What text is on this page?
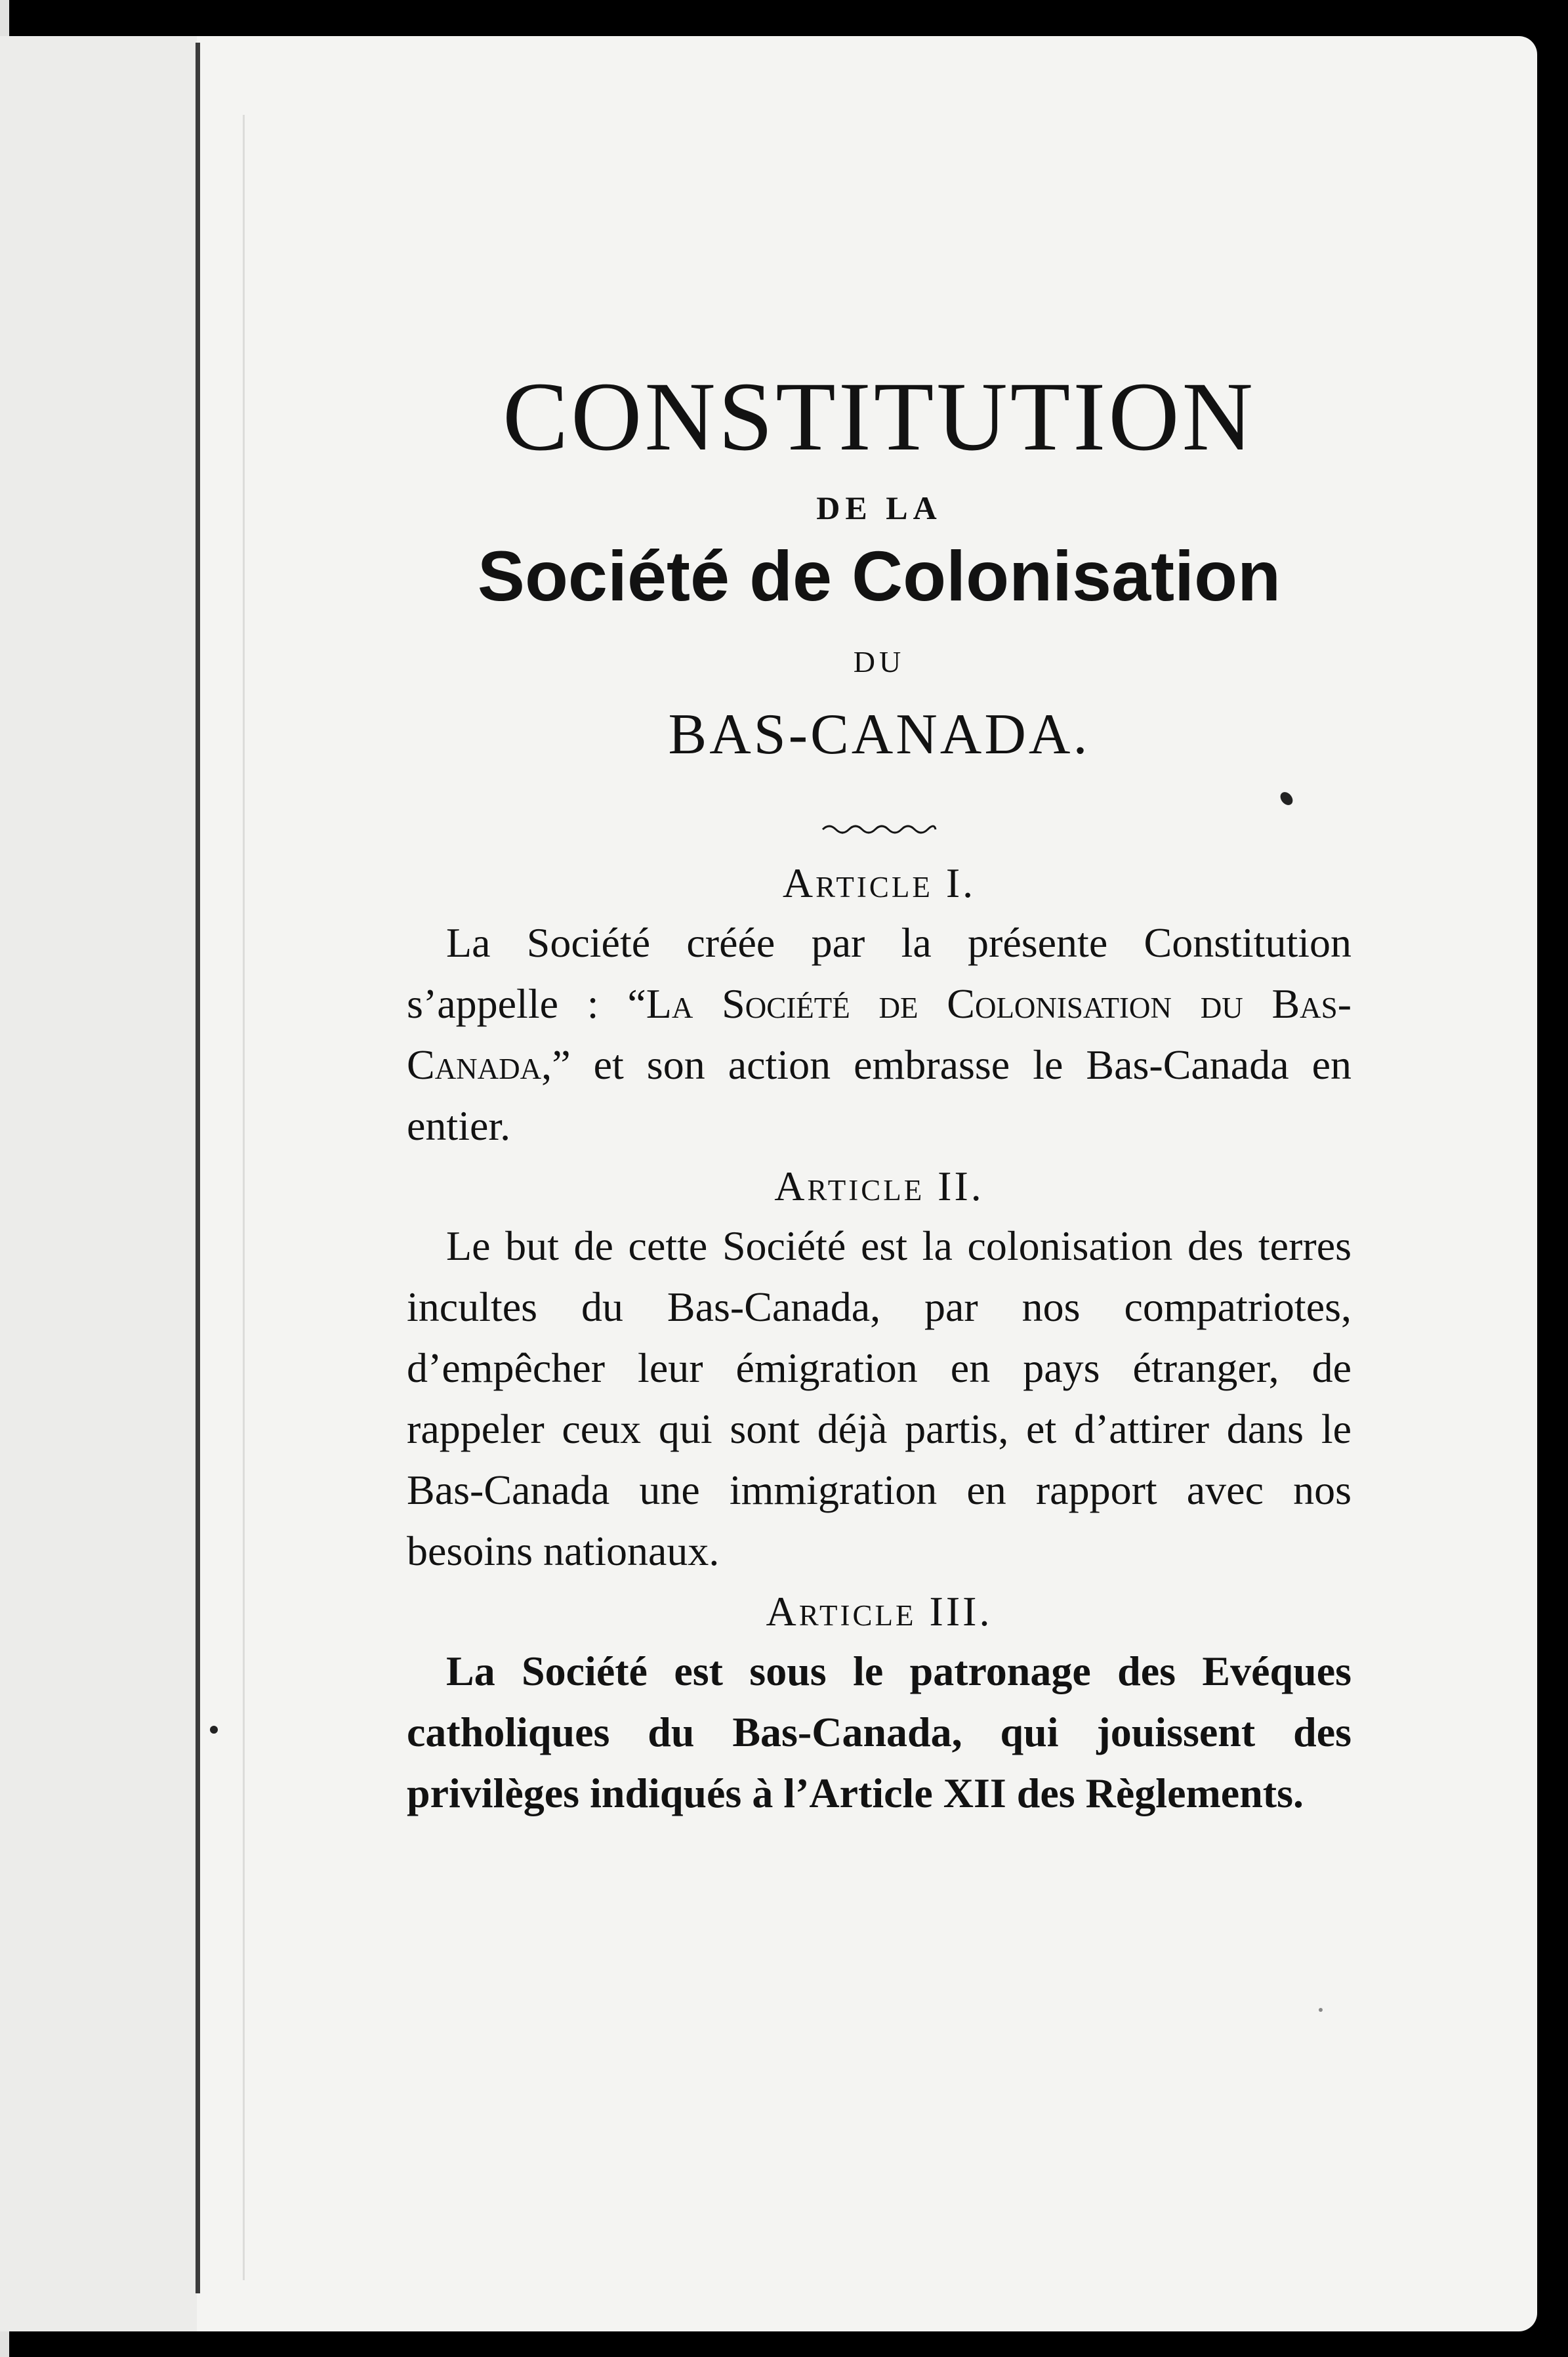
CONSTITUTION
DE LA
Société de Colonisation
DU
BAS-CANADA.
Article I.

La Société créée par la présente Constitution s’appelle : “La Société de Colonisation du Bas-Canada,” et son action embrasse le Bas-Canada en entier.

Article II.

Le but de cette Société est la colonisation des terres incultes du Bas-Canada, par nos compatriotes, d’empêcher leur émigration en pays étranger, de rappeler ceux qui sont déjà partis, et d’attirer dans le Bas-Canada une immigration en rapport avec nos besoins nationaux.

Article III.

La Société est sous le patronage des Evéques catholiques du Bas-Canada, qui jouissent des privilèges indiqués à l’Article XII des Règlements.
